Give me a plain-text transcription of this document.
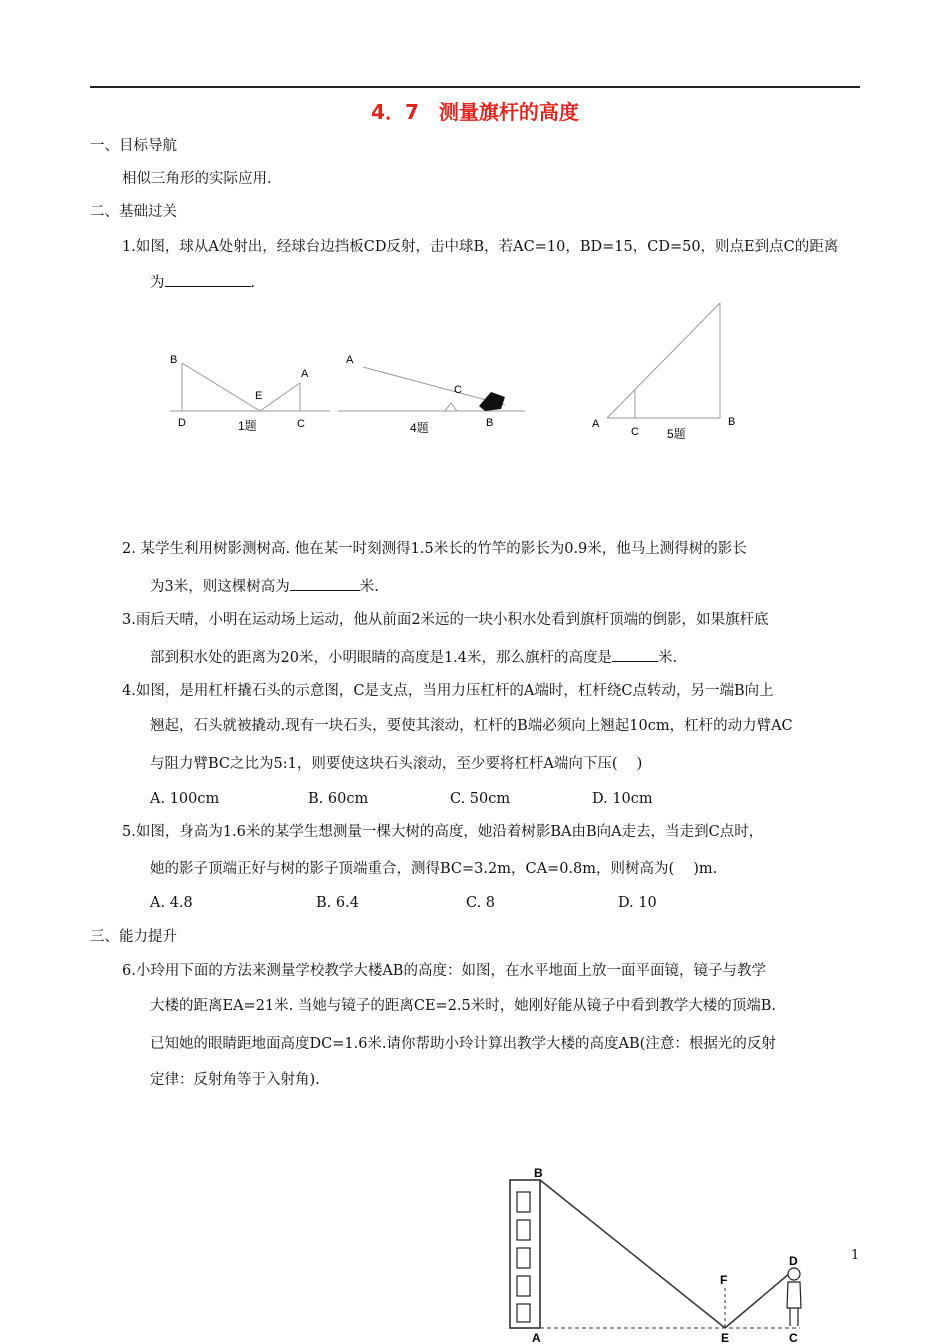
4．7　测量旗杆的高度
一、目标导航
相似三角形的实际应用.
二、基础过关
1.如图，球从A处射出，经球台边挡板CD反射，击中球B，若AC=10，BD=15，CD=50，则点E到点C的距离
为	.
B
A
E
D	C
1题
A
C
B
4题	A
C
B
5题
2. 某学生利用树影测树高. 他在某一时刻测得1.5米长的竹竿的影长为0.9米，他马上测得树的影长
为3米，则这棵树高为	米.
3.雨后天晴，小明在运动场上运动，他从前面2米远的一块小积水处看到旗杆顶端的倒影，如果旗杆底
部到积水处的距离为20米，小明眼睛的高度是1.4米，那么旗杆的高度是	米.
4.如图，是用杠杆撬石头的示意图，C是支点，当用力压杠杆的A端时，杠杆绕C点转动，另一端B向上
翘起，石头就被撬动.现有一块石头，要使其滚动，杠杆的B端必须向上翘起10cm，杠杆的动力臂AC
与阻力臂BC之比为5:1，则要使这块石头滚动，至少要将杠杆A端向下压(　 )
A. 100cm	B. 60cm	C. 50cm	D. 10cm
5.如图，身高为1.6米的某学生想测量一棵大树的高度，她沿着树影BA由B向A走去，当走到C点时，
她的影子顶端正好与树的影子顶端重合，测得BC=3.2m，CA=0.8m，则树高为(　 )m.
A. 4.8	B. 6.4	C. 8	D. 10
三、能力提升
6.小玲用下面的方法来测量学校教学大楼AB的高度：如图，在水平地面上放一面平面镜，镜子与教学
大楼的距离EA=21米. 当她与镜子的距离CE=2.5米时，她刚好能从镜子中看到教学大楼的顶端B.
已知她的眼睛距地面高度DC=1.6米.请你帮助小玲计算出教学大楼的高度AB(注意：根据光的反射
定律：反射角等于入射角).
B
A
F
E
D
C
1
